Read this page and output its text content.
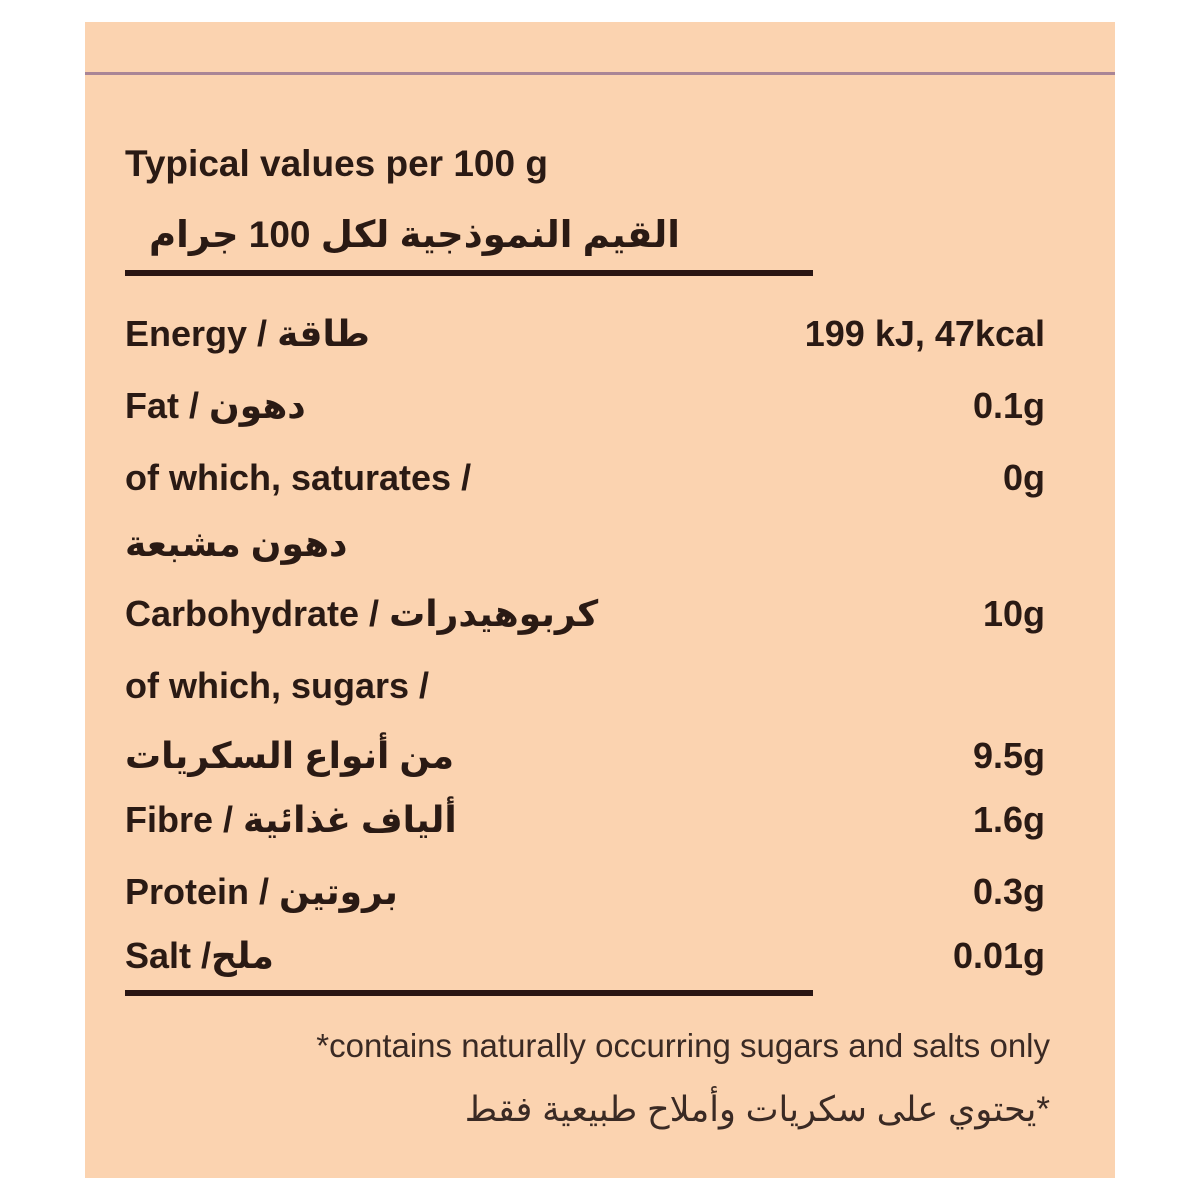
Typical values per 100 g
القيم النموذجية لكل 100 جرام
Energy / طاقة	199 kJ, 47kcal
Fat / دهون	0.1g
of which, saturates /	0g
دهون مشبعة
Carbohydrate / كربوهيدرات	10g
of which, sugars /
من أنواع السكريات	9.5g
Fibre / ألياف غذائية	1.6g
Protein / بروتين	0.3g
Salt /ملح	0.01g
*contains naturally occurring sugars and salts only
*يحتوي على سكريات وأملاح طبيعية فقط
